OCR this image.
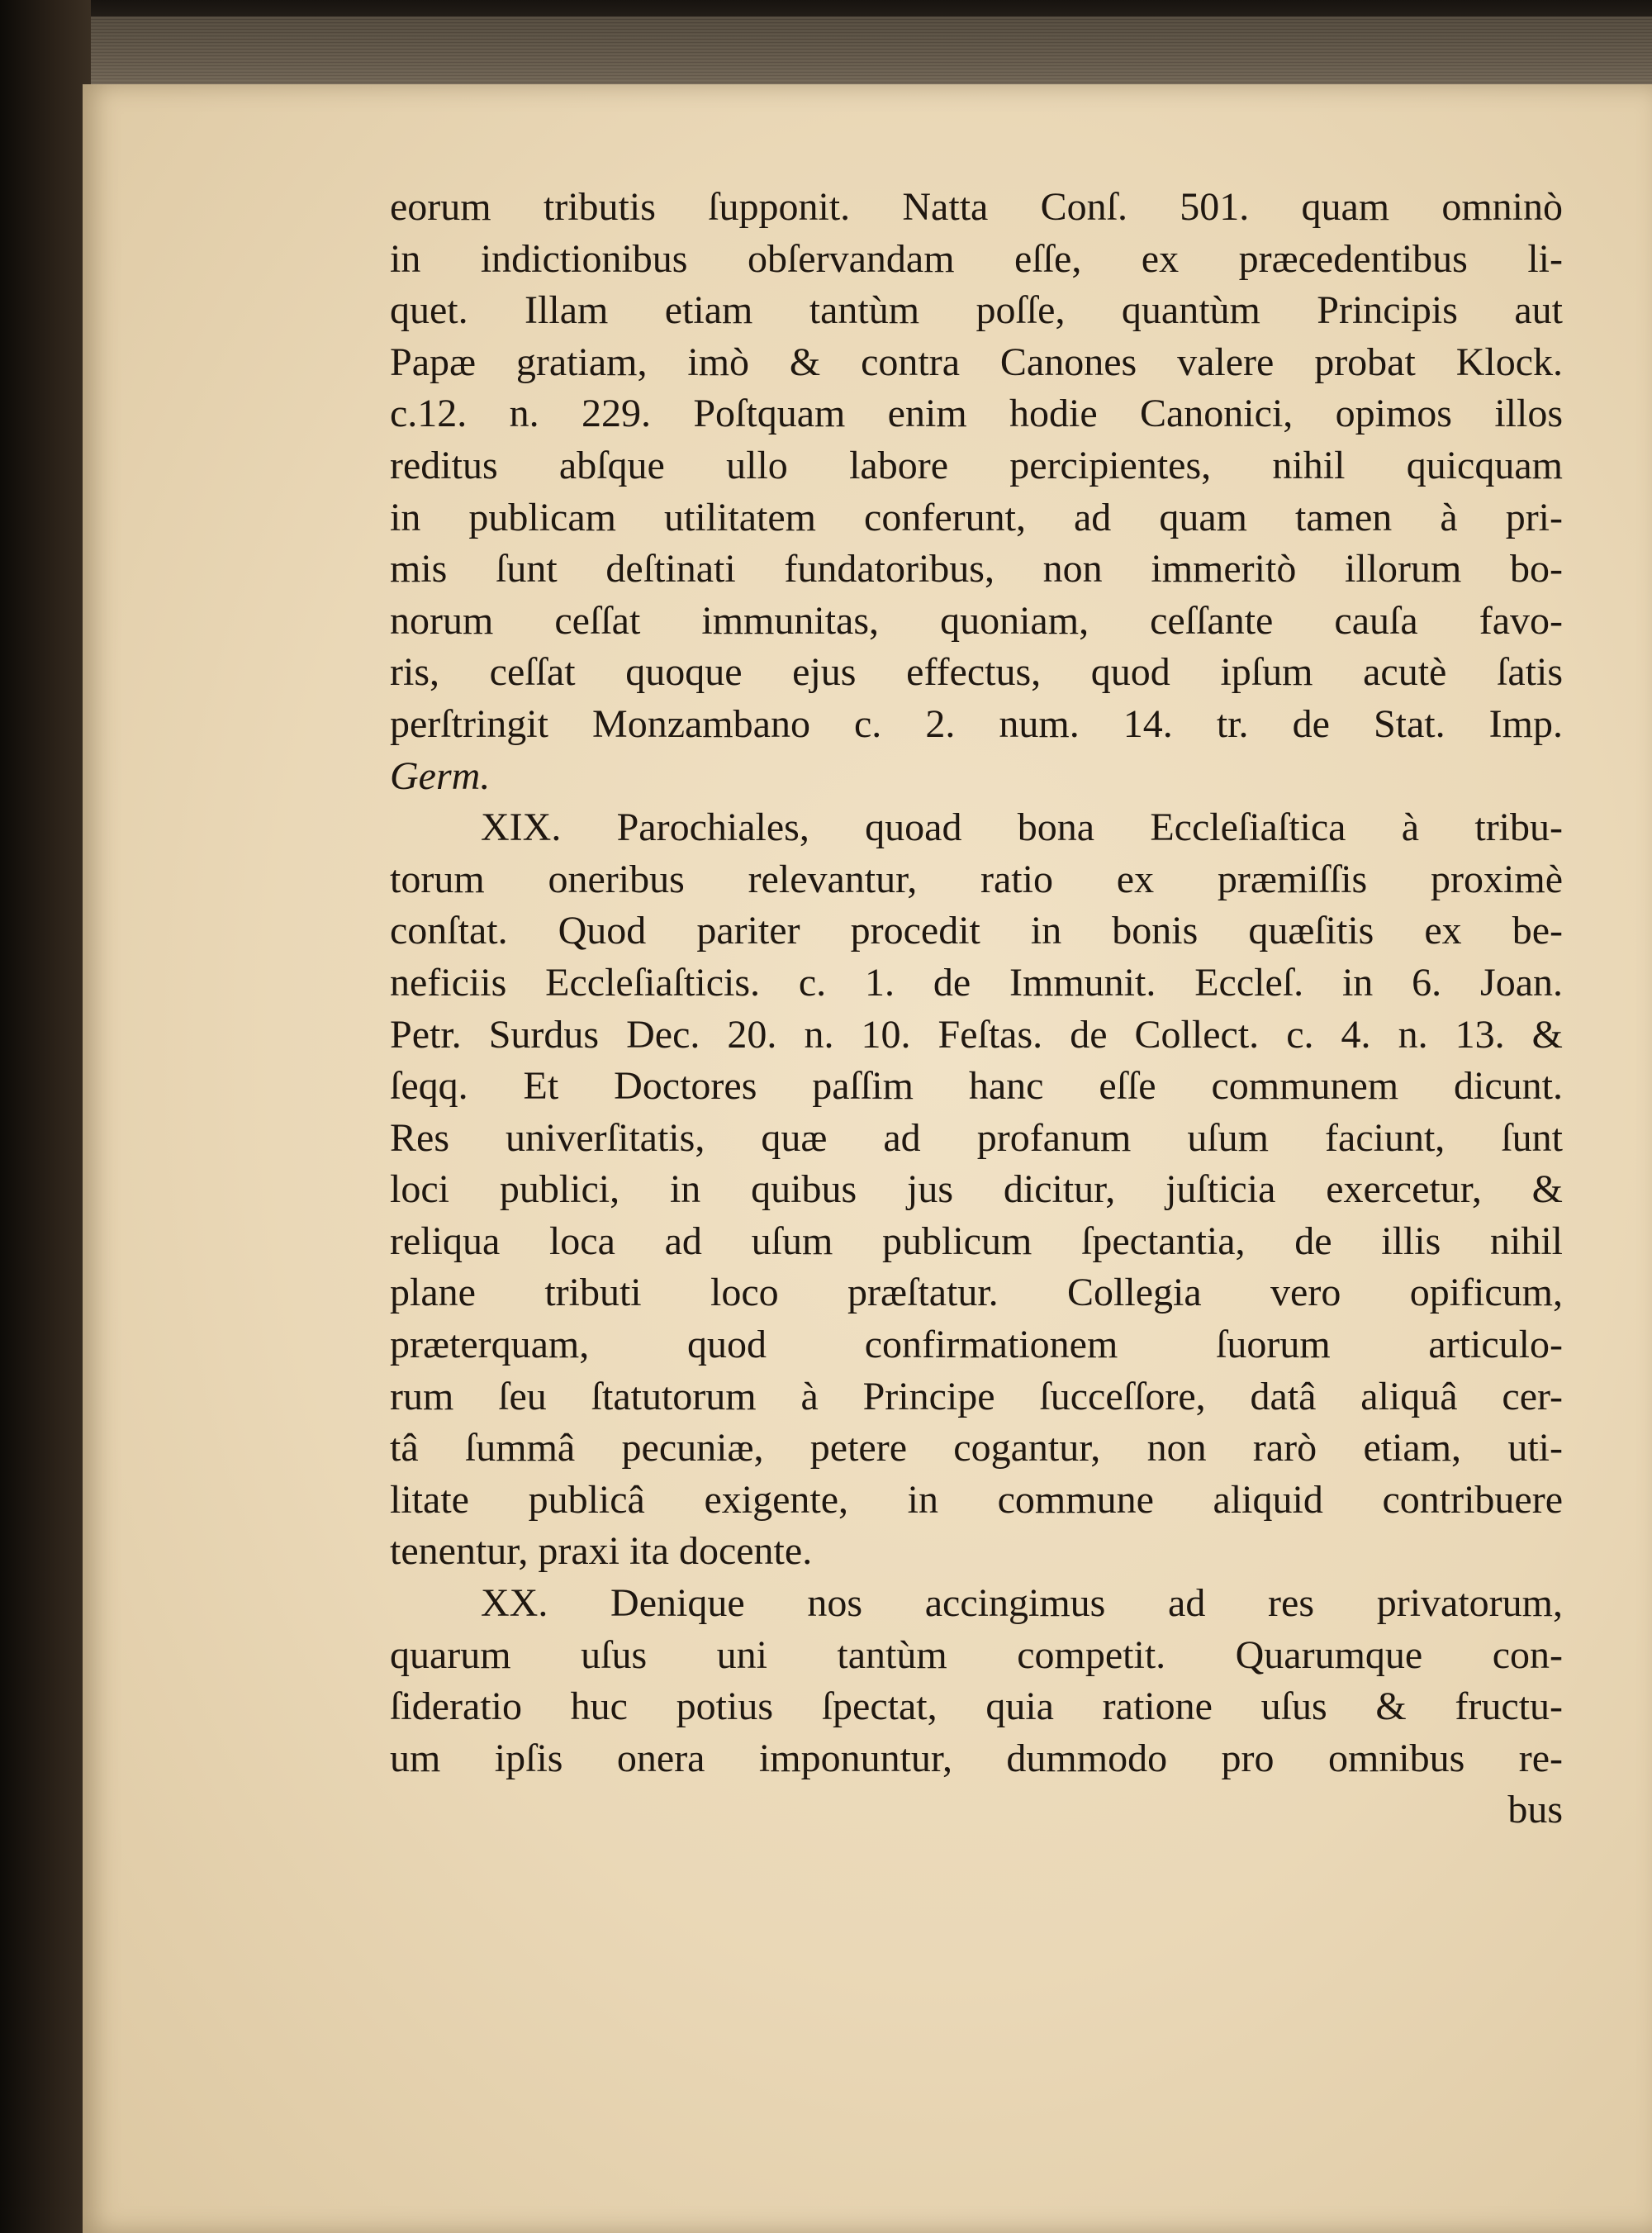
eorum tributis ſupponit. Natta Conſ. 501. quam omninò
in indictionibus obſervandam eſſe, ex præcedentibus li-
quet. Illam etiam tantùm poſſe, quantùm Principis aut
Papæ gratiam, imò & contra Canones valere probat Klock.
c.12. n. 229. Poſtquam enim hodie Canonici, opimos illos
reditus abſque ullo labore percipientes, nihil quicquam
in publicam utilitatem conferunt, ad quam tamen à pri-
mis ſunt deſtinati fundatoribus, non immeritò illorum bo-
norum ceſſat immunitas, quoniam, ceſſante cauſa favo-
ris, ceſſat quoque ejus effectus, quod ipſum acutè ſatis
perſtringit Monzambano c. 2. num. 14. tr. de Stat. Imp.
Germ.
XIX. Parochiales, quoad bona Eccleſiaſtica à tribu-
torum oneribus relevantur, ratio ex præmiſſis proximè
conſtat. Quod pariter procedit in bonis quæſitis ex be-
neficiis Eccleſiaſticis. c. 1. de Immunit. Eccleſ. in 6. Joan.
Petr. Surdus Dec. 20. n. 10. Feſtas. de Collect. c. 4. n. 13. &
ſeqq. Et Doctores paſſim hanc eſſe communem dicunt.
Res univerſitatis, quæ ad profanum uſum faciunt, ſunt
loci publici, in quibus jus dicitur, juſticia exercetur, &
reliqua loca ad uſum publicum ſpectantia, de illis nihil
plane tributi loco præſtatur. Collegia vero opificum,
præterquam, quod confirmationem ſuorum articulo-
rum ſeu ſtatutorum à Principe ſucceſſore, datâ aliquâ cer-
tâ ſummâ pecuniæ, petere cogantur, non rarò etiam, uti-
litate publicâ exigente, in commune aliquid contribuere
tenentur, praxi ita docente.
XX. Denique nos accingimus ad res privatorum,
quarum uſus uni tantùm competit. Quarumque con-
ſideratio huc potius ſpectat, quia ratione uſus & fructu-
um ipſis onera imponuntur, dummodo pro omnibus re-
bus
